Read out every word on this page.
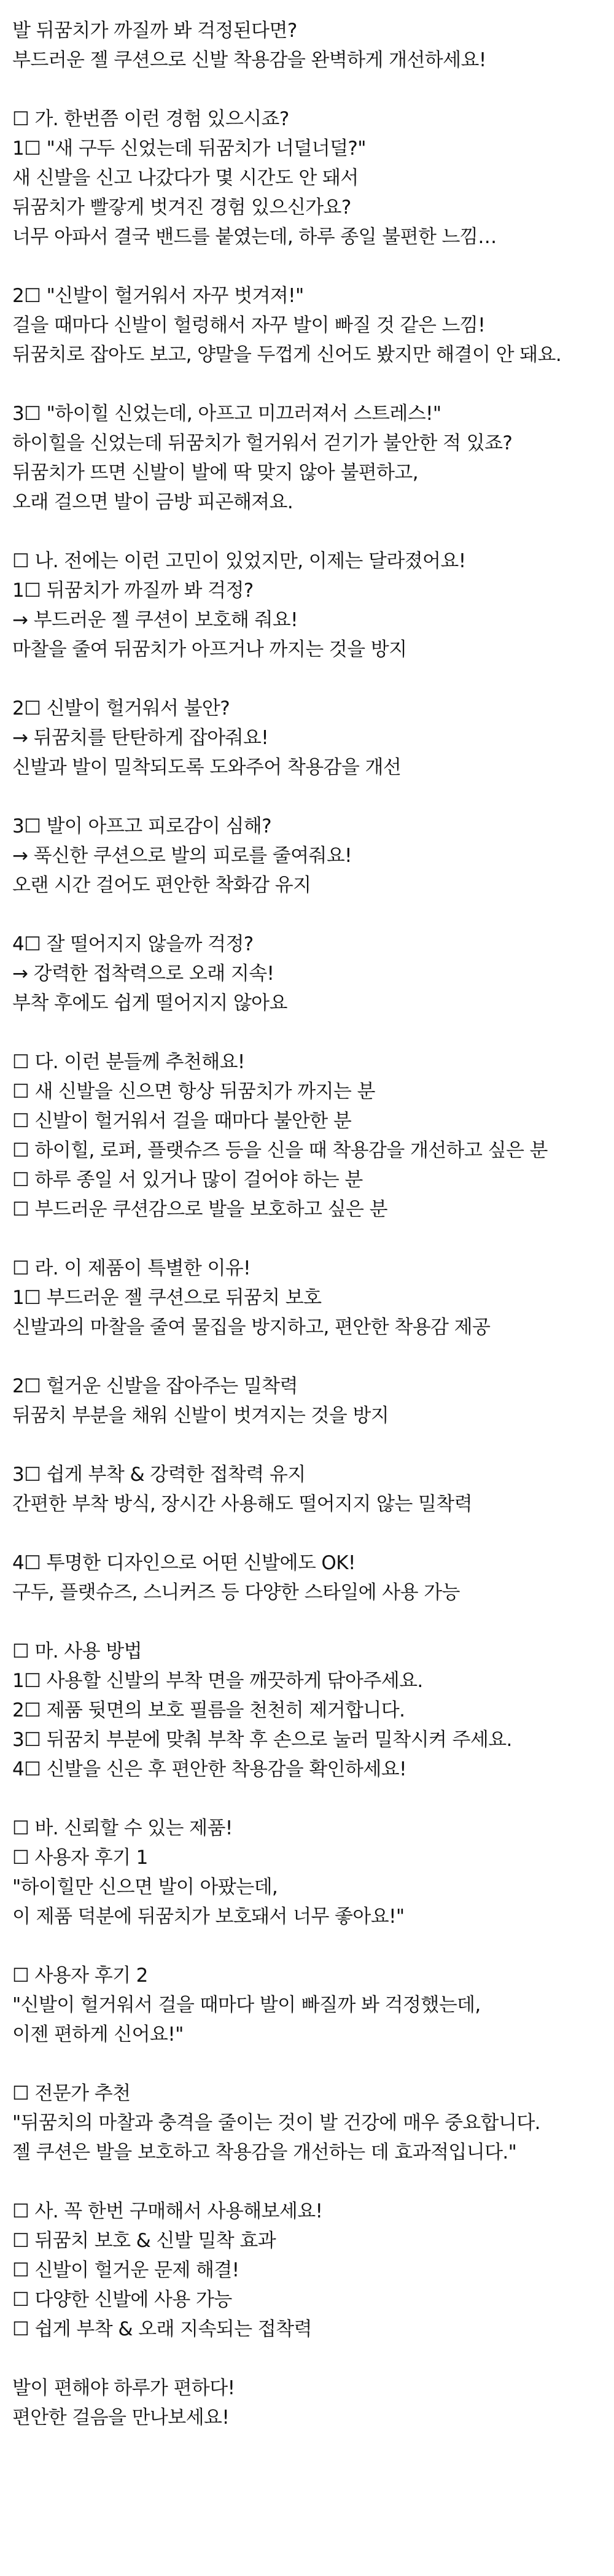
발 뒤꿈치가 까질까 봐 걱정된다면?
부드러운 젤 쿠션으로 신발 착용감을 완벽하게 개선하세요!
☐ 가. 한번쯤 이런 경험 있으시죠?
1☐ "새 구두 신었는데 뒤꿈치가 너덜너덜?"
새 신발을 신고 나갔다가 몇 시간도 안 돼서
뒤꿈치가 빨갛게 벗겨진 경험 있으신가요?
너무 아파서 결국 밴드를 붙였는데, 하루 종일 불편한 느낌…
2☐ "신발이 헐거워서 자꾸 벗겨져!"
걸을 때마다 신발이 헐렁해서 자꾸 발이 빠질 것 같은 느낌!
뒤꿈치로 잡아도 보고, 양말을 두껍게 신어도 봤지만 해결이 안 돼요.
3☐ "하이힐 신었는데, 아프고 미끄러져서 스트레스!"
하이힐을 신었는데 뒤꿈치가 헐거워서 걷기가 불안한 적 있죠?
뒤꿈치가 뜨면 신발이 발에 딱 맞지 않아 불편하고,
오래 걸으면 발이 금방 피곤해져요.
☐ 나. 전에는 이런 고민이 있었지만, 이제는 달라졌어요!
1☐ 뒤꿈치가 까질까 봐 걱정?
→ 부드러운 젤 쿠션이 보호해 줘요!
마찰을 줄여 뒤꿈치가 아프거나 까지는 것을 방지
2☐ 신발이 헐거워서 불안?
→ 뒤꿈치를 탄탄하게 잡아줘요!
신발과 발이 밀착되도록 도와주어 착용감을 개선
3☐ 발이 아프고 피로감이 심해?
→ 푹신한 쿠션으로 발의 피로를 줄여줘요!
오랜 시간 걸어도 편안한 착화감 유지
4☐ 잘 떨어지지 않을까 걱정?
→ 강력한 접착력으로 오래 지속!
부착 후에도 쉽게 떨어지지 않아요
☐ 다. 이런 분들께 추천해요!
☐ 새 신발을 신으면 항상 뒤꿈치가 까지는 분
☐ 신발이 헐거워서 걸을 때마다 불안한 분
☐ 하이힐, 로퍼, 플랫슈즈 등을 신을 때 착용감을 개선하고 싶은 분
☐ 하루 종일 서 있거나 많이 걸어야 하는 분
☐ 부드러운 쿠션감으로 발을 보호하고 싶은 분
☐ 라. 이 제품이 특별한 이유!
1☐ 부드러운 젤 쿠션으로 뒤꿈치 보호
신발과의 마찰을 줄여 물집을 방지하고, 편안한 착용감 제공
2☐ 헐거운 신발을 잡아주는 밀착력
뒤꿈치 부분을 채워 신발이 벗겨지는 것을 방지
3☐ 쉽게 부착 & 강력한 접착력 유지
간편한 부착 방식, 장시간 사용해도 떨어지지 않는 밀착력
4☐ 투명한 디자인으로 어떤 신발에도 OK!
구두, 플랫슈즈, 스니커즈 등 다양한 스타일에 사용 가능
☐ 마. 사용 방법
1☐ 사용할 신발의 부착 면을 깨끗하게 닦아주세요.
2☐ 제품 뒷면의 보호 필름을 천천히 제거합니다.
3☐ 뒤꿈치 부분에 맞춰 부착 후 손으로 눌러 밀착시켜 주세요.
4☐ 신발을 신은 후 편안한 착용감을 확인하세요!
☐ 바. 신뢰할 수 있는 제품!
☐ 사용자 후기 1
"하이힐만 신으면 발이 아팠는데,
이 제품 덕분에 뒤꿈치가 보호돼서 너무 좋아요!"
☐ 사용자 후기 2
"신발이 헐거워서 걸을 때마다 발이 빠질까 봐 걱정했는데,
이젠 편하게 신어요!"
☐ 전문가 추천
"뒤꿈치의 마찰과 충격을 줄이는 것이 발 건강에 매우 중요합니다.
젤 쿠션은 발을 보호하고 착용감을 개선하는 데 효과적입니다."
☐ 사. 꼭 한번 구매해서 사용해보세요!
☐ 뒤꿈치 보호 & 신발 밀착 효과
☐ 신발이 헐거운 문제 해결!
☐ 다양한 신발에 사용 가능
☐ 쉽게 부착 & 오래 지속되는 접착력
발이 편해야 하루가 편하다!
편안한 걸음을 만나보세요!
